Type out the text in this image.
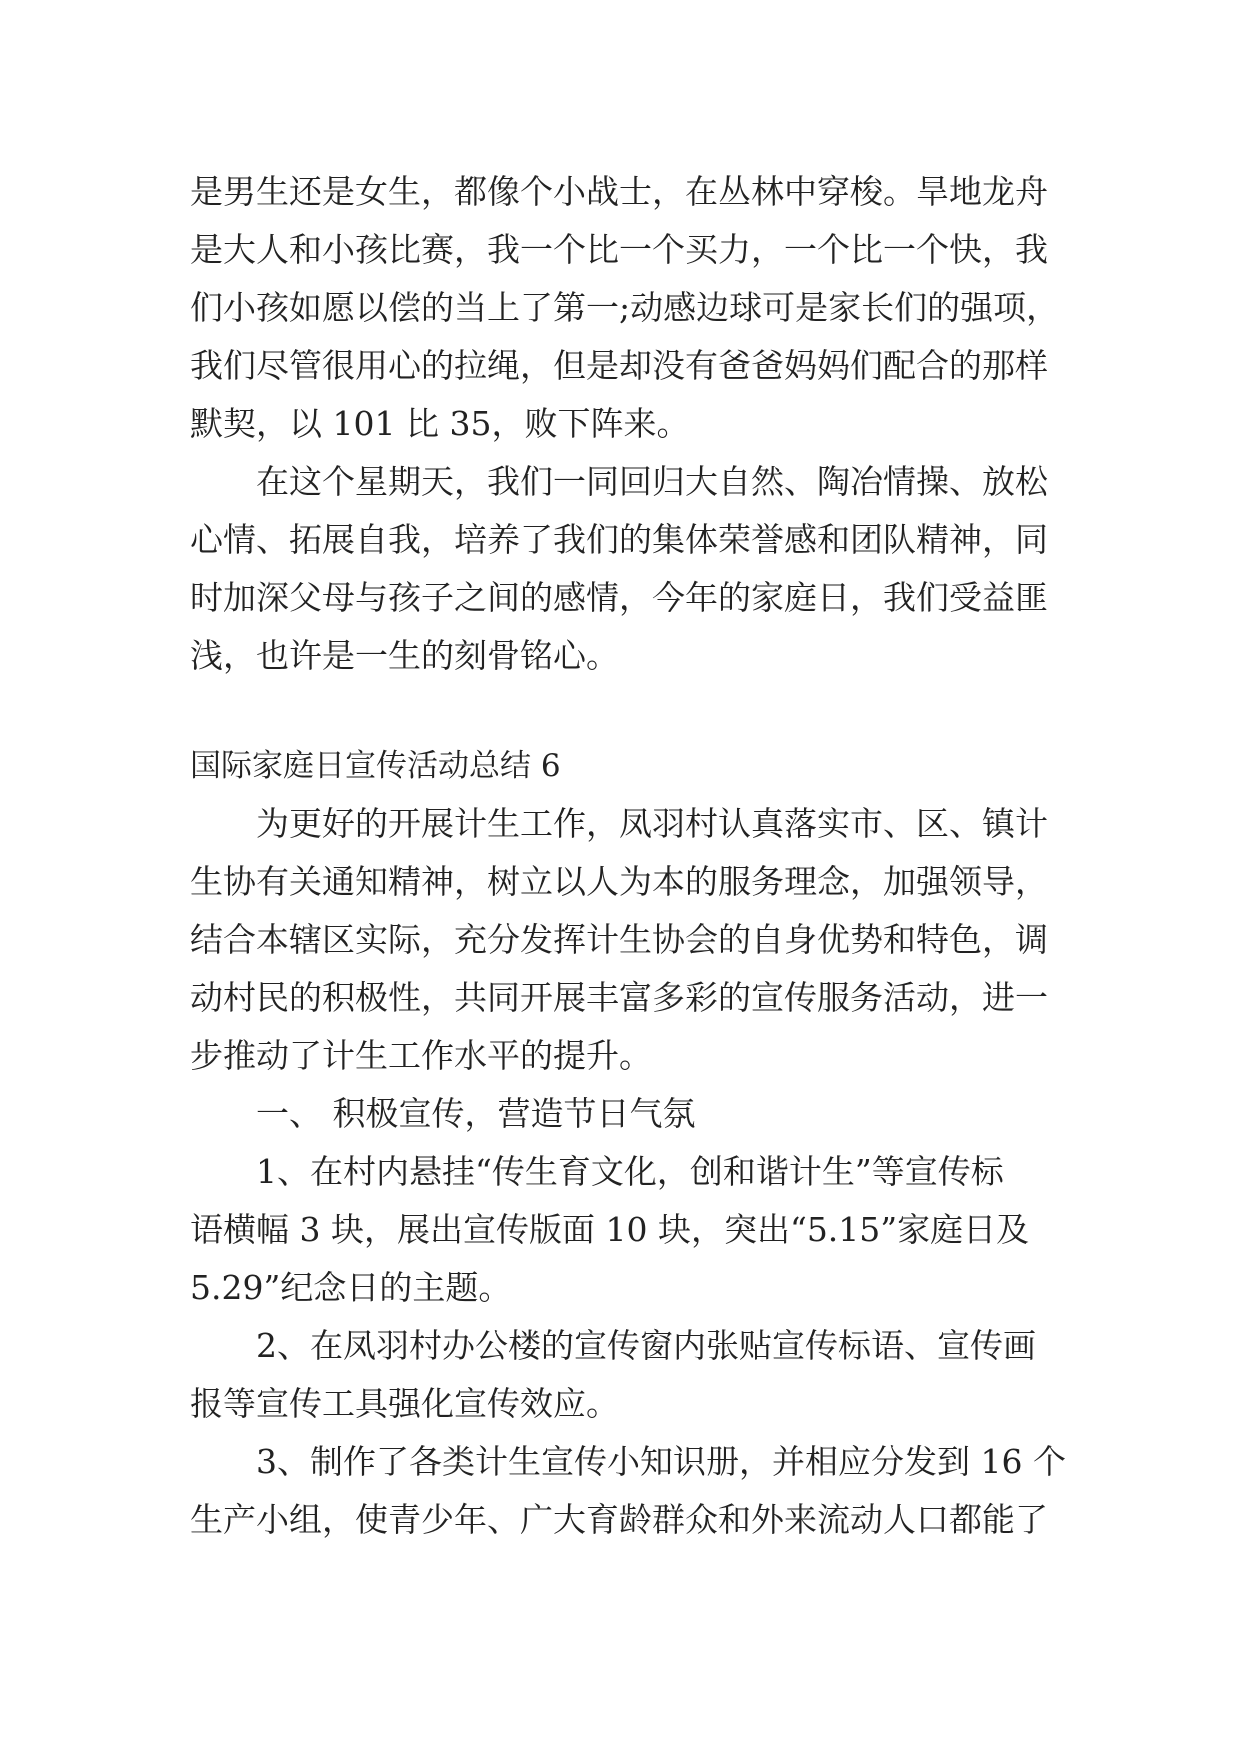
是男生还是女生，都像个小战士，在丛林中穿梭。旱地龙舟
是大人和小孩比赛，我一个比一个买力，一个比一个快，我
们小孩如愿以偿的当上了第一;动感边球可是家长们的强项，
我们尽管很用心的拉绳，但是却没有爸爸妈妈们配合的那样
默契，以 101 比 35，败下阵来。
在这个星期天，我们一同回归大自然、陶冶情操、放松
心情、拓展自我，培养了我们的集体荣誉感和团队精神，同
时加深父母与孩子之间的感情，今年的家庭日，我们受益匪
浅，也许是一生的刻骨铭心。
国际家庭日宣传活动总结 6
为更好的开展计生工作，凤羽村认真落实市、区、镇计
生协有关通知精神，树立以人为本的服务理念，加强领导，
结合本辖区实际，充分发挥计生协会的自身优势和特色，调
动村民的积极性，共同开展丰富多彩的宣传服务活动，进一
步推动了计生工作水平的提升。
一、 积极宣传，营造节日气氛
1、在村内悬挂“传生育文化，创和谐计生”等宣传标
语横幅 3 块，展出宣传版面 10 块，突出“5.15”家庭日及
5.29”纪念日的主题。
2、在凤羽村办公楼的宣传窗内张贴宣传标语、宣传画
报等宣传工具强化宣传效应。
3、制作了各类计生宣传小知识册，并相应分发到 16 个
生产小组，使青少年、广大育龄群众和外来流动人口都能了
